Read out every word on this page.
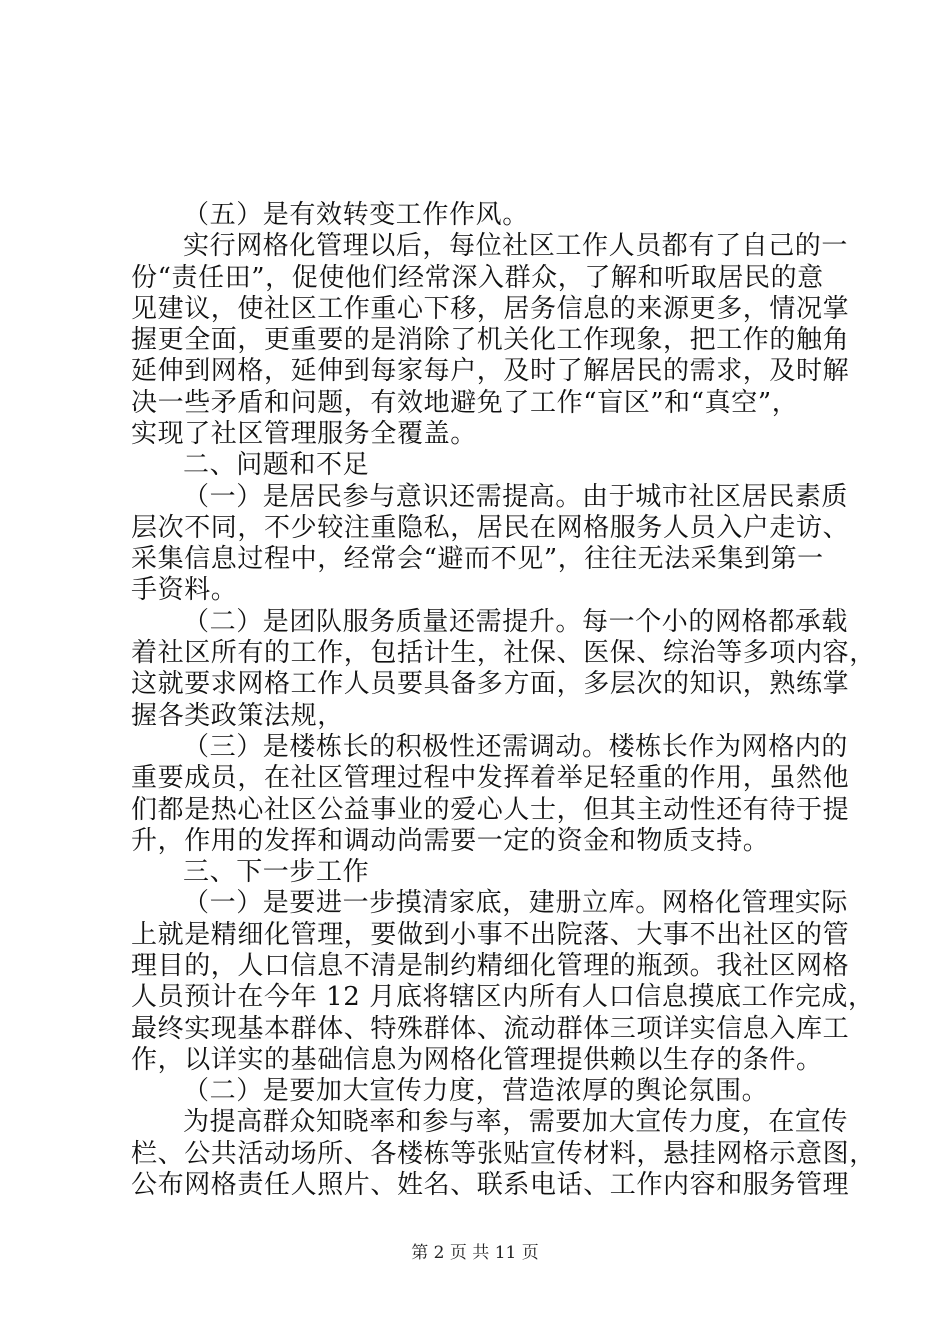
（五）是有效转变工作作风。
实行网格化管理以后，每位社区工作人员都有了自己的一
份“责任田”，促使他们经常深入群众，了解和听取居民的意
见建议，使社区工作重心下移，居务信息的来源更多，情况掌
握更全面，更重要的是消除了机关化工作现象，把工作的触角
延伸到网格，延伸到每家每户，及时了解居民的需求，及时解
决一些矛盾和问题，有效地避免了工作“盲区”和“真空”，
实现了社区管理服务全覆盖。
二、问题和不足
（一）是居民参与意识还需提高。由于城市社区居民素质
层次不同，不少较注重隐私，居民在网格服务人员入户走访、
采集信息过程中，经常会“避而不见”，往往无法采集到第一
手资料。
（二）是团队服务质量还需提升。每一个小的网格都承载
着社区所有的工作，包括计生，社保、医保、综治等多项内容，
这就要求网格工作人员要具备多方面，多层次的知识，熟练掌
握各类政策法规，
（三）是楼栋长的积极性还需调动。楼栋长作为网格内的
重要成员，在社区管理过程中发挥着举足轻重的作用，虽然他
们都是热心社区公益事业的爱心人士，但其主动性还有待于提
升，作用的发挥和调动尚需要一定的资金和物质支持。
三、下一步工作
（一）是要进一步摸清家底，建册立库。网格化管理实际
上就是精细化管理，要做到小事不出院落、大事不出社区的管
理目的，人口信息不清是制约精细化管理的瓶颈。我社区网格
人员预计在今年 12 月底将辖区内所有人口信息摸底工作完成，
最终实现基本群体、特殊群体、流动群体三项详实信息入库工
作，以详实的基础信息为网格化管理提供赖以生存的条件。
（二）是要加大宣传力度，营造浓厚的舆论氛围。
为提高群众知晓率和参与率，需要加大宣传力度，在宣传
栏、公共活动场所、各楼栋等张贴宣传材料，悬挂网格示意图，
公布网格责任人照片、姓名、联系电话、工作内容和服务管理
第 2 页 共 11 页
